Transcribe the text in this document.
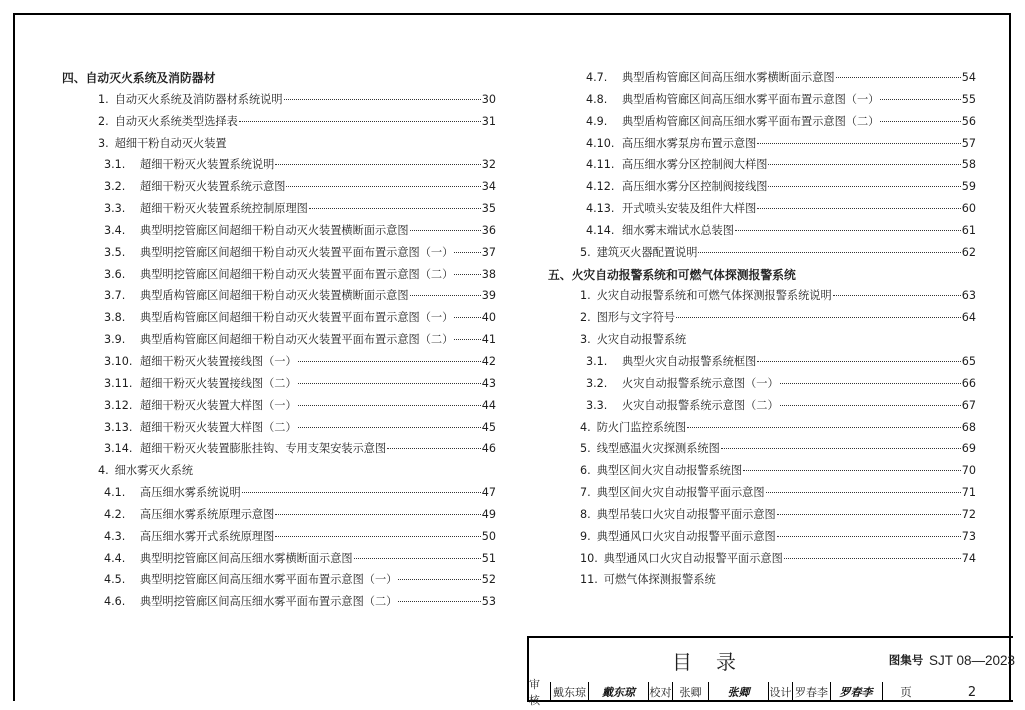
四、自动灭火系统及消防器材
1. 自动灭火系统及消防器材系统说明	30
2. 自动灭火系统类型选择表	31
3. 超细干粉自动灭火装置
3.1.	超细干粉灭火装置系统说明	32
3.2.	超细干粉灭火装置系统示意图	34
3.3.	超细干粉灭火装置系统控制原理图	35
3.4.	典型明挖管廊区间超细干粉自动灭火装置横断面示意图	36
3.5.	典型明挖管廊区间超细干粉自动灭火装置平面布置示意图（一）	37
3.6.	典型明挖管廊区间超细干粉自动灭火装置平面布置示意图（二）	38
3.7.	典型盾构管廊区间超细干粉自动灭火装置横断面示意图	39
3.8.	典型盾构管廊区间超细干粉自动灭火装置平面布置示意图（一）	40
3.9.	典型盾构管廊区间超细干粉自动灭火装置平面布置示意图（二）	41
3.10. 超细干粉灭火装置接线图（一）	42
3.11. 超细干粉灭火装置接线图（二）	43
3.12. 超细干粉灭火装置大样图（一）	44
3.13. 超细干粉灭火装置大样图（二）	45
3.14. 超细干粉灭火装置膨胀挂钩、专用支架安装示意图	46
4. 细水雾灭火系统
4.1.	高压细水雾系统说明	47
4.2.	高压细水雾系统原理示意图	49
4.3.	高压细水雾开式系统原理图	50
4.4.	典型明挖管廊区间高压细水雾横断面示意图	51
4.5.	典型明挖管廊区间高压细水雾平面布置示意图（一）	52
4.6.	典型明挖管廊区间高压细水雾平面布置示意图（二）	53
4.7.	典型盾构管廊区间高压细水雾横断面示意图	54
4.8.	典型盾构管廊区间高压细水雾平面布置示意图（一）	55
4.9.	典型盾构管廊区间高压细水雾平面布置示意图（二）	56
4.10. 高压细水雾泵房布置示意图	57
4.11. 高压细水雾分区控制阀大样图	58
4.12. 高压细水雾分区控制阀接线图	59
4.13. 开式喷头安装及组件大样图	60
4.14. 细水雾末端试水总装图	61
5. 建筑灭火器配置说明	62
五、火灾自动报警系统和可燃气体探测报警系统
1. 火灾自动报警系统和可燃气体探测报警系统说明	63
2. 图形与文字符号	64
3. 火灾自动报警系统
3.1.	典型火灾自动报警系统框图	65
3.2.	火灾自动报警系统示意图（一）	66
3.3.	火灾自动报警系统示意图（二）	67
4. 防火门监控系统图	68
5. 线型感温火灾探测系统图	69
6. 典型区间火灾自动报警系统图	70
7. 典型区间火灾自动报警平面示意图	71
8. 典型吊装口火灾自动报警平面示意图	72
9. 典型通风口火灾自动报警平面示意图	73
10. 典型通风口火灾自动报警平面示意图	74
11. 可燃气体探测报警系统
目录	图集号 SJT 08—2023
审核
戴东琼	戴东琼	校对 张卿	张卿	设计 罗春李	罗春李	页	2
